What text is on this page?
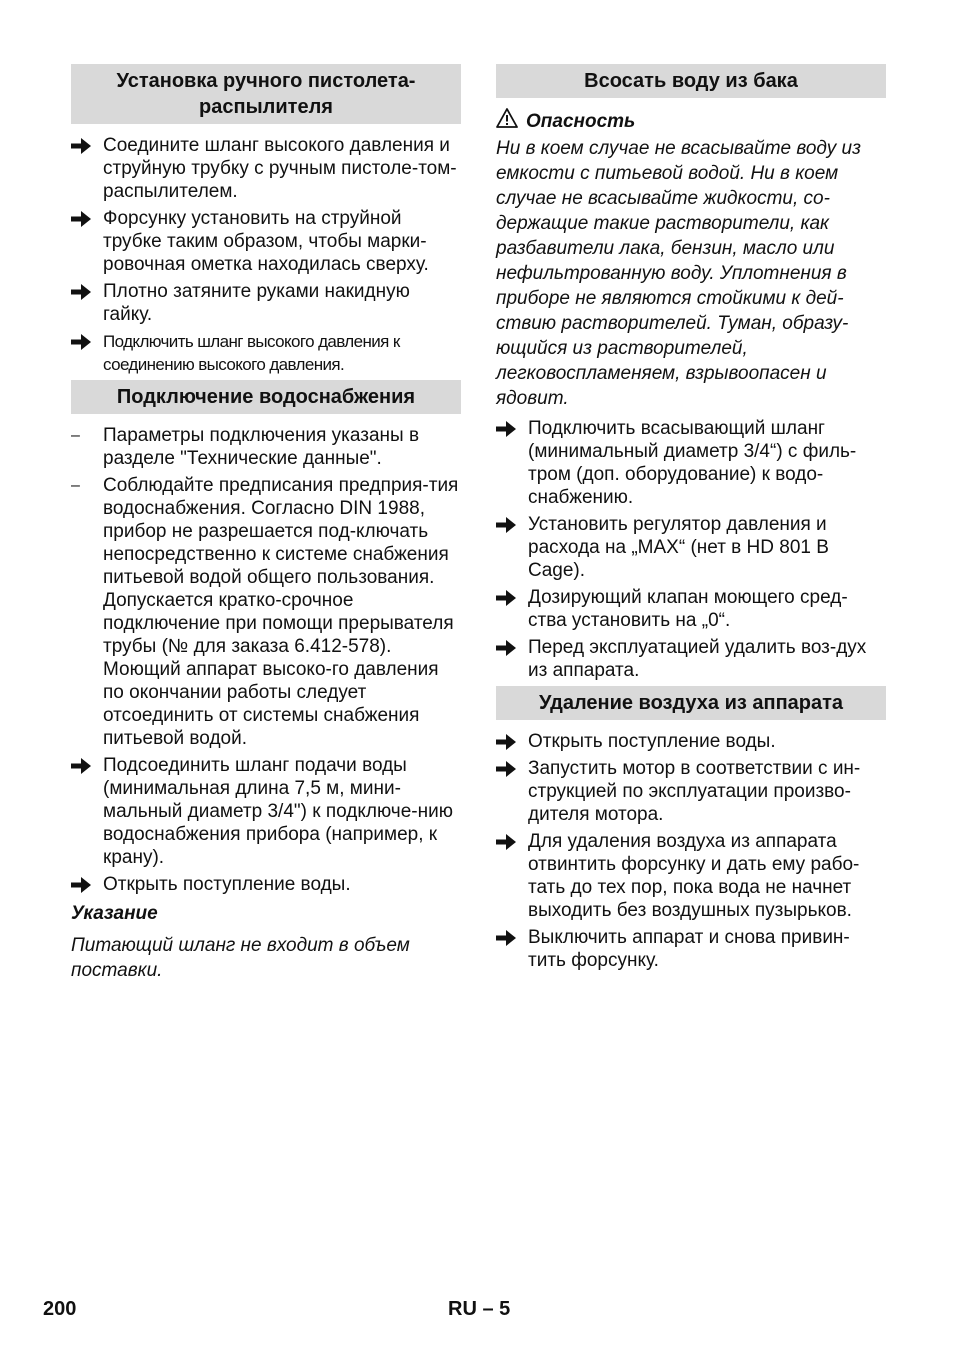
Установка ручного пистолета-распылителя
Соедините шланг высокого давления и струйную трубку с ручным пистоле-том-распылителем.
Форсунку установить на струйной трубке таким образом, чтобы марки-ровочная ометка находилась сверху.
Плотно затяните руками накидную гайку.
Подключить шланг высокого давления к соединению высокого давления.
Подключение водоснабжения
– Параметры подключения указаны в разделе "Технические данные".
– Соблюдайте предписания предприя-тия водоснабжения. Согласно DIN 1988, прибор не разрешается под-ключать непосредственно к системе снабжения питьевой водой общего пользования. Допускается кратко-срочное подключение при помощи прерывателя трубы (№ для заказа 6.412-578). Моющий аппарат высоко-го давления по окончании работы следует отсоединить от системы снабжения питьевой водой.
Подсоединить шланг подачи воды (минимальная длина 7,5 м, мини-мальный диаметр 3/4") к подключе-нию водоснабжения прибора (например, к крану).
Открыть поступление воды.
Указание

Питающий шланг не входит в объем поставки.

Всосать воду из бака
Опасность

Ни в коем случае не всасывайте воду из емкости с питьевой водой. Ни в коем случае не всасывайте жидкости, со-держащие такие растворители, как разбавители лака, бензин, масло или нефильтрованную воду. Уплотнения в приборе не являются стойкими к дей-ствию растворителей. Туман, образу-ющийся из растворителей, легковоспламеняем, взрывоопасен и ядовит.

Подключить всасывающий шланг (минимальный диаметр 3/4“) с филь-тром (доп. оборудование) к водо-снабжению.
Установить регулятор давления и расхода на „MAX“ (нет в HD 801 B Cage).
Дозирующий клапан моющего сред-ства установить на „0“.
Перед эксплуатацией удалить воз-дух из аппарата.
Удаление воздуха из аппарата
Открыть поступление воды.
Запустить мотор в соответствии с ин-струкцией по эксплуатации произво-дителя мотора.
Для удаления воздуха из аппарата отвинтить форсунку и дать ему рабо-тать до тех пор, пока вода не начнет выходить без воздушных пузырьков.
Выключить аппарат и снова привин-тить форсунку.
200	RU – 5
